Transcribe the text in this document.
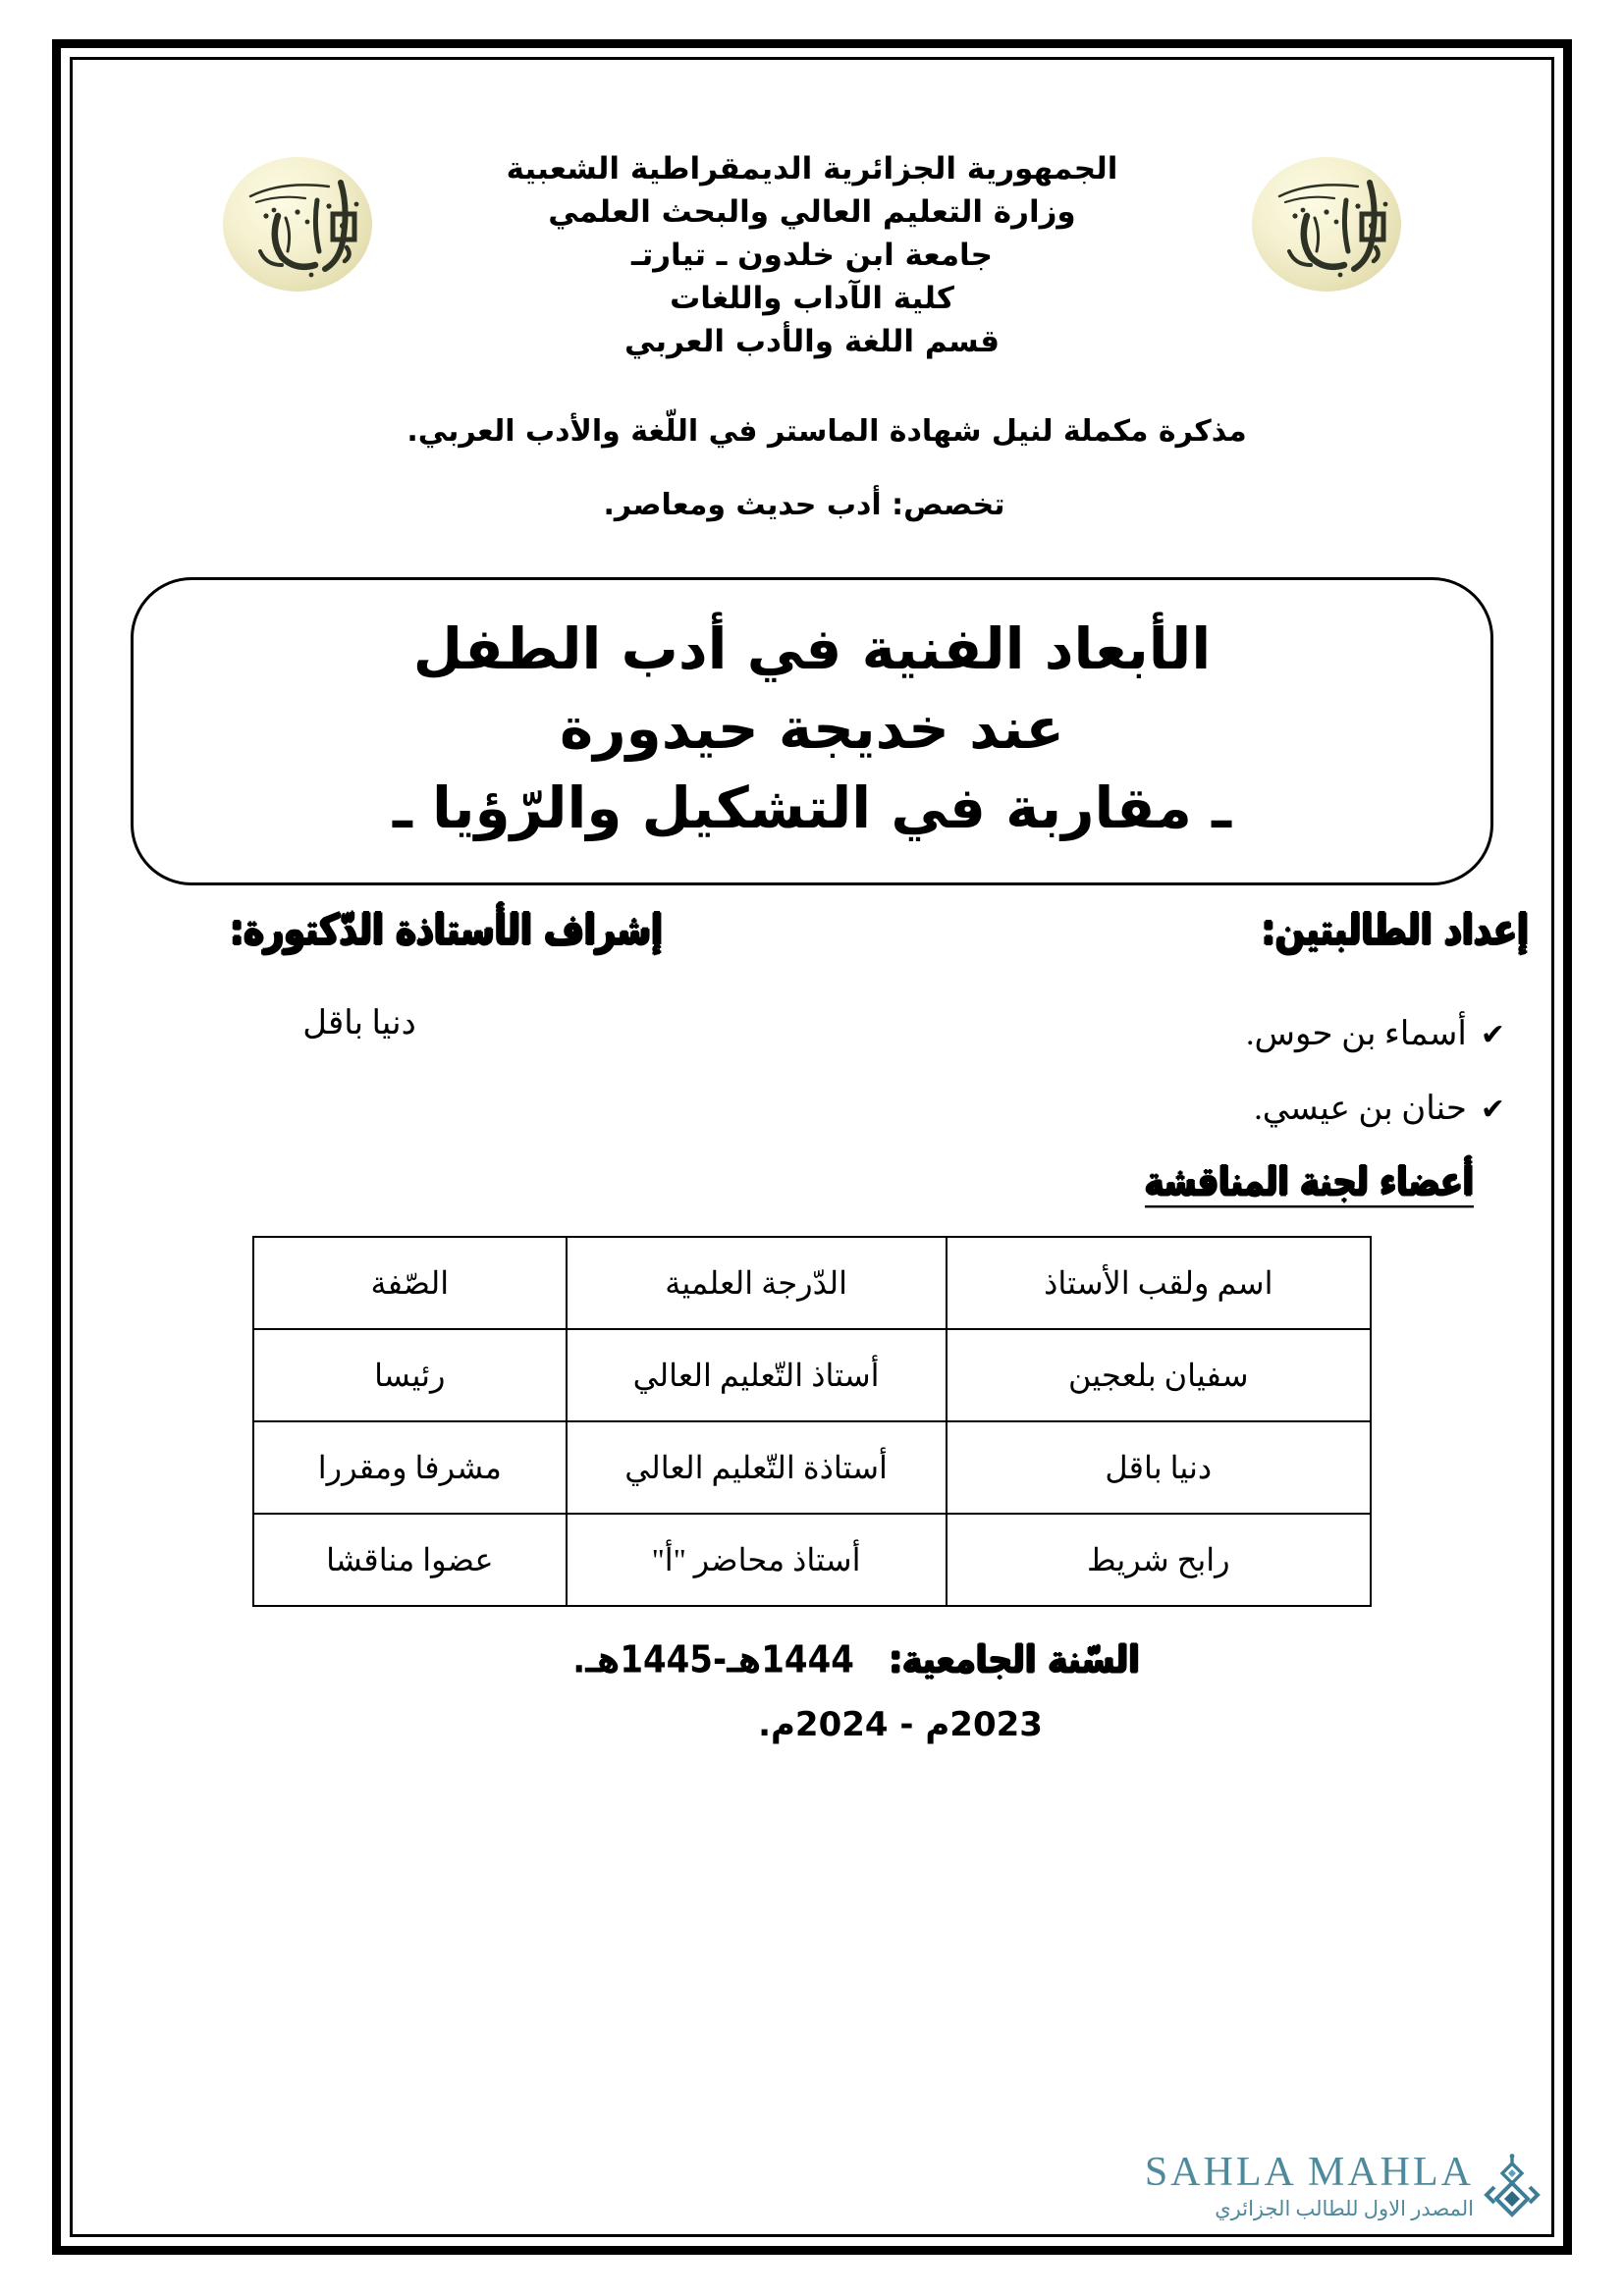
الجمهورية الجزائرية الديمقراطية الشعبية
وزارة التعليم العالي والبحث العلمي
جامعة ابن خلدون ـ تيارتـ
كلية الآداب واللغات
قسم اللغة والأدب العربي
مذكرة مكملة لنيل شهادة الماستر في اللّغة والأدب العربي.
تخصص: أدب حديث ومعاصر.
الأبعاد الفنية في أدب الطفل
عند خديجة حيدورة
ـ مقاربة في التشكيل والرّؤيا ـ
إعداد الطالبتين:
✔أسماء بن حوس.
✔حنان بن عيسي.
إشراف الأستاذة الدّكتورة:
دنيا باقل
أعضاء لجنة المناقشة
اسم ولقب الأستاذ	الدّرجة العلمية	الصّفة
سفيان بلعجين	أستاذ التّعليم العالي	رئيسا
دنيا باقل	أستاذة التّعليم العالي	مشرفا ومقررا
رابح شريط	أستاذ محاضر "أ"	عضوا مناقشا
السّنة الجامعية:   1444هـ-1445هـ.
2023م - 2024م.
SAHLA MAHLA
المصدر الاول للطالب الجزائري
